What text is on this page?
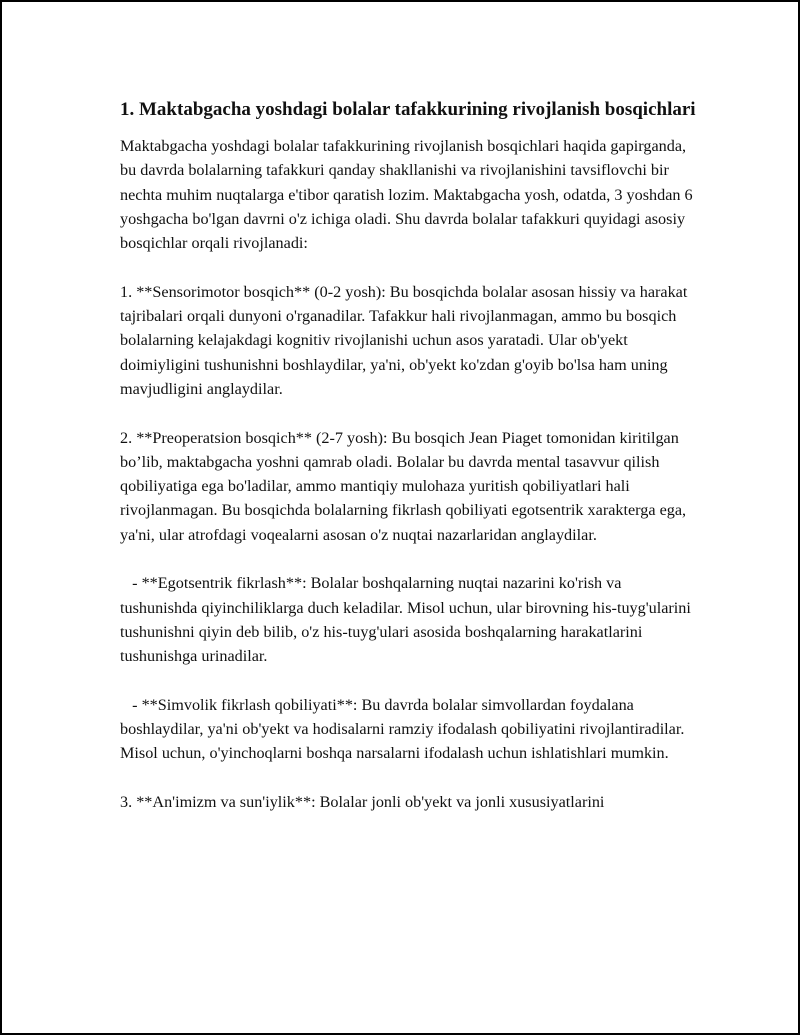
1. Maktabgacha yoshdagi bolalar tafakkurining rivojlanish bosqichlari

Maktabgacha yoshdagi bolalar tafakkurining rivojlanish bosqichlari haqida gapirganda, bu davrda bolalarning tafakkuri qanday shakllanishi va rivojlanishini tavsiflovchi bir nechta muhim nuqtalarga e'tibor qaratish lozim. Maktabgacha yosh, odatda, 3 yoshdan 6 yoshgacha bo'lgan davrni o'z ichiga oladi. Shu davrda bolalar tafakkuri quyidagi asosiy bosqichlar orqali rivojlanadi:

1. **Sensorimotor bosqich** (0-2 yosh): Bu bosqichda bolalar asosan hissiy va harakat tajribalari orqali dunyoni o'rganadilar. Tafakkur hali rivojlanmagan, ammo bu bosqich bolalarning kelajakdagi kognitiv rivojlanishi uchun asos yaratadi. Ular ob'yekt doimiyligini tushunishni boshlaydilar, ya'ni, ob'yekt ko'zdan g'oyib bo'lsa ham uning mavjudligini anglaydilar.

2. **Preoperatsion bosqich** (2-7 yosh): Bu bosqich Jean Piaget tomonidan kiritilgan bo’lib, maktabgacha yoshni qamrab oladi. Bolalar bu davrda mental tasavvur qilish qobiliyatiga ega bo'ladilar, ammo mantiqiy mulohaza yuritish qobiliyatlari hali rivojlanmagan. Bu bosqichda bolalarning fikrlash qobiliyati egotsentrik xarakterga ega, ya'ni, ular atrofdagi voqealarni asosan o'z nuqtai nazarlaridan anglaydilar.

- **Egotsentrik fikrlash**: Bolalar boshqalarning nuqtai nazarini ko'rish va tushunishda qiyinchiliklarga duch keladilar. Misol uchun, ular birovning his-tuyg'ularini tushunishni qiyin deb bilib, o'z his-tuyg'ulari asosida boshqalarning harakatlarini tushunishga urinadilar.

- **Simvolik fikrlash qobiliyati**: Bu davrda bolalar simvollardan foydalana boshlaydilar, ya'ni ob'yekt va hodisalarni ramziy ifodalash qobiliyatini rivojlantiradilar. Misol uchun, o'yinchoqlarni boshqa narsalarni ifodalash uchun ishlatishlari mumkin.

3. **An'imizm va sun'iylik**: Bolalar jonli ob'yekt va jonli xususiyatlarini
